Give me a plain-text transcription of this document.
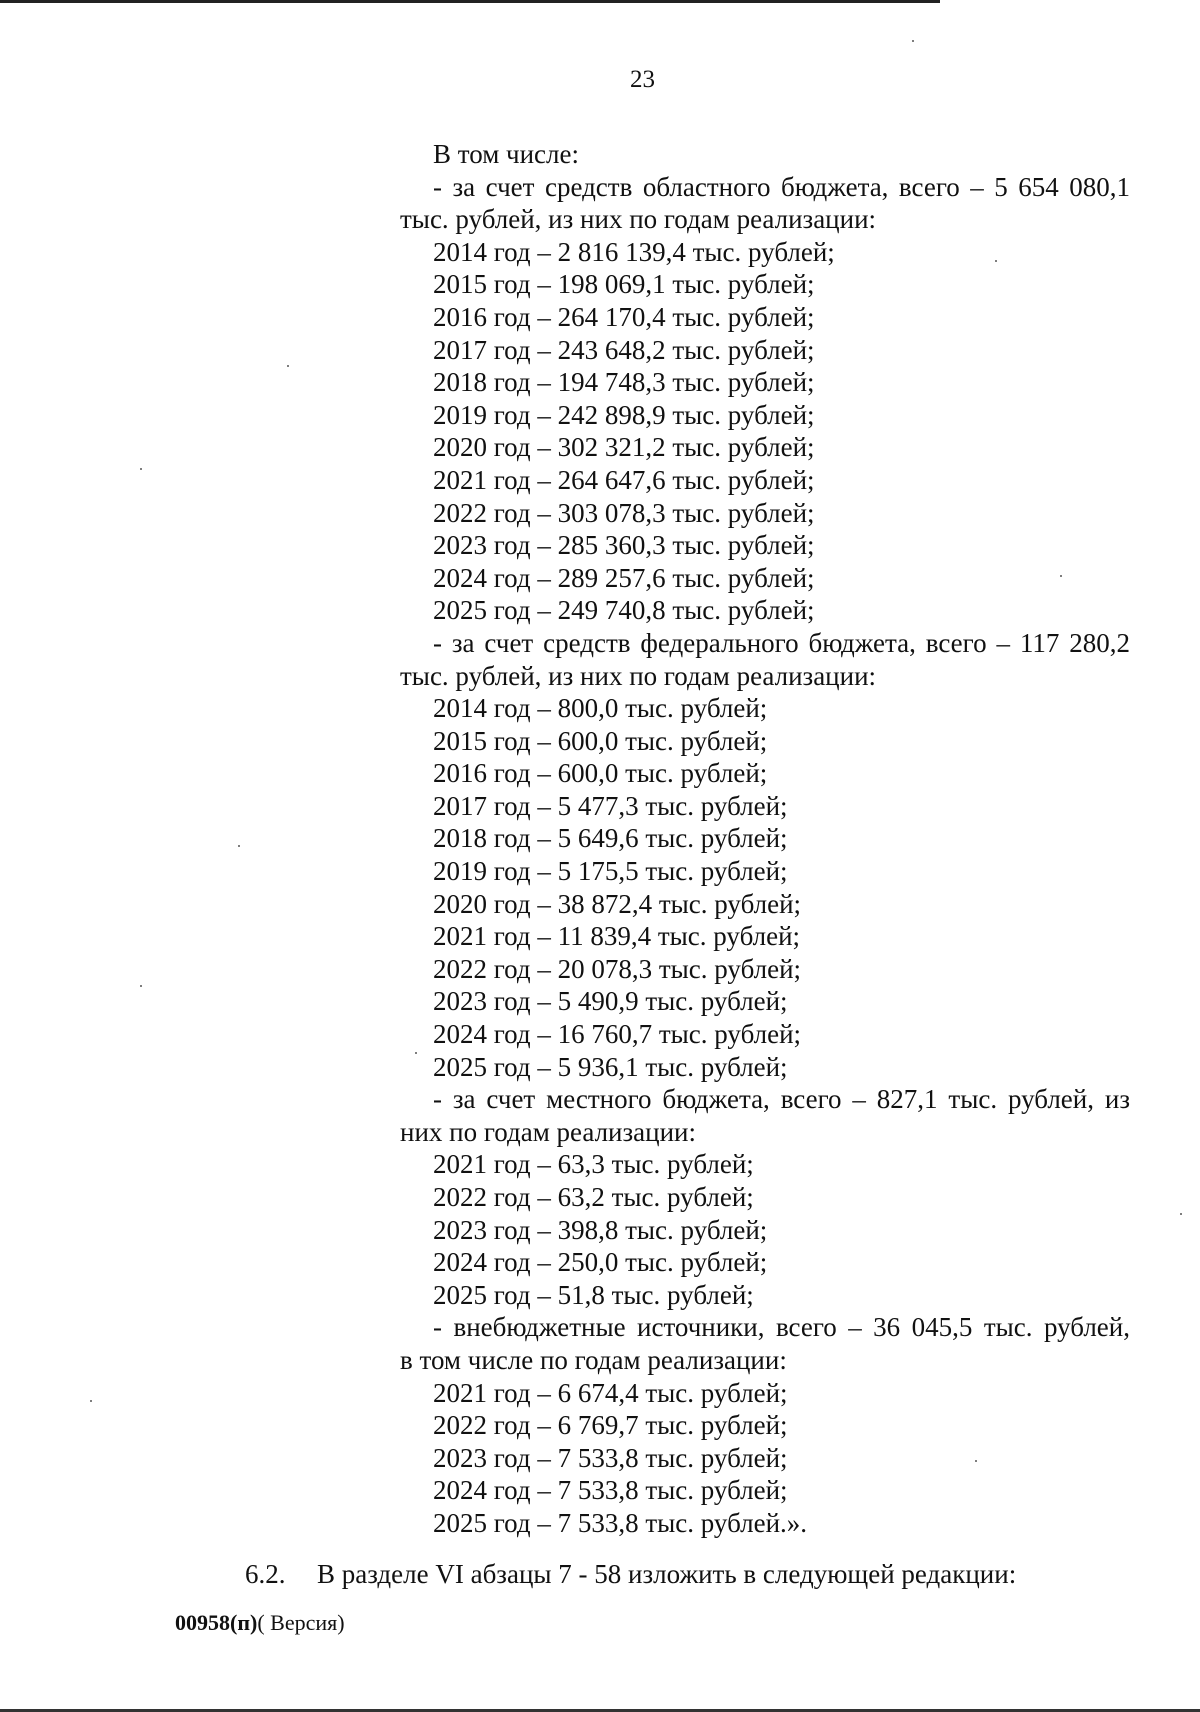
23
В том числе:
- за счет средств областного бюджета, всего – 5 654 080,1
тыс. рублей, из них по годам реализации:
2014 год – 2 816 139,4 тыс. рублей;
2015 год – 198 069,1 тыс. рублей;
2016 год – 264 170,4 тыс. рублей;
2017 год – 243 648,2 тыс. рублей;
2018 год – 194 748,3 тыс. рублей;
2019 год – 242 898,9 тыс. рублей;
2020 год – 302 321,2 тыс. рублей;
2021 год – 264 647,6 тыс. рублей;
2022 год – 303 078,3 тыс. рублей;
2023 год – 285 360,3 тыс. рублей;
2024 год – 289 257,6 тыс. рублей;
2025 год – 249 740,8 тыс. рублей;
- за счет средств федерального бюджета, всего – 117 280,2
тыс. рублей, из них по годам реализации:
2014 год – 800,0 тыс. рублей;
2015 год – 600,0 тыс. рублей;
2016 год – 600,0 тыс. рублей;
2017 год – 5 477,3 тыс. рублей;
2018 год – 5 649,6 тыс. рублей;
2019 год – 5 175,5 тыс. рублей;
2020 год – 38 872,4 тыс. рублей;
2021 год – 11 839,4 тыс. рублей;
2022 год – 20 078,3 тыс. рублей;
2023 год – 5 490,9 тыс. рублей;
2024 год – 16 760,7 тыс. рублей;
2025 год – 5 936,1 тыс. рублей;
- за счет местного бюджета, всего – 827,1 тыс. рублей, из
них по годам реализации:
2021 год – 63,3 тыс. рублей;
2022 год – 63,2 тыс. рублей;
2023 год – 398,8 тыс. рублей;
2024 год – 250,0 тыс. рублей;
2025 год – 51,8 тыс. рублей;
- внебюджетные источники, всего – 36 045,5 тыс. рублей,
в том числе по годам реализации:
2021 год – 6 674,4 тыс. рублей;
2022 год – 6 769,7 тыс. рублей;
2023 год – 7 533,8 тыс. рублей;
2024 год – 7 533,8 тыс. рублей;
2025 год – 7 533,8 тыс. рублей.».
6.2. В разделе VI абзацы 7 - 58 изложить в следующей редакции:
00958(п)( Версия)
